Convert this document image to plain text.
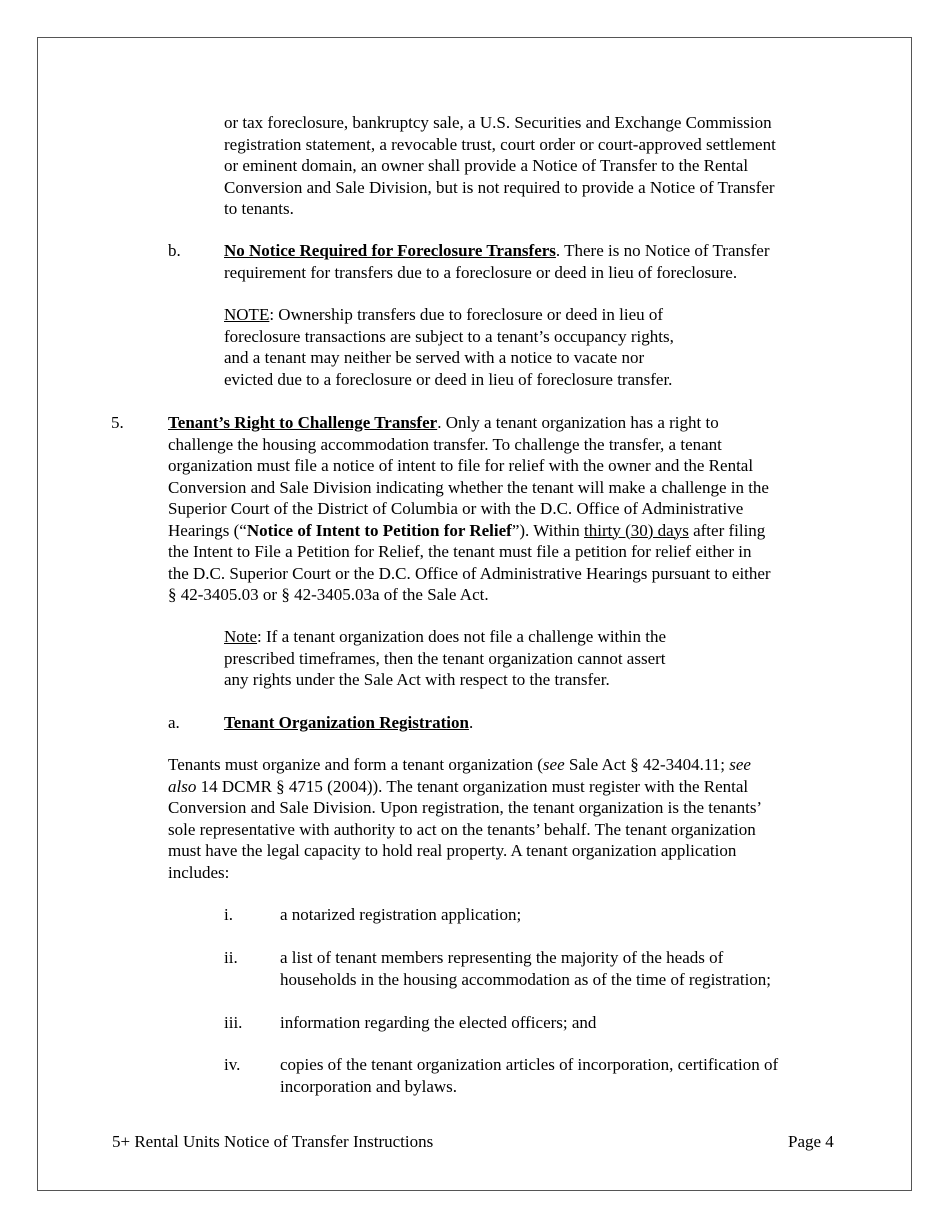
or tax foreclosure, bankruptcy sale, a U.S. Securities and Exchange Commission
registration statement, a revocable trust, court order or court-approved settlement
or eminent domain, an owner shall provide a Notice of Transfer to the Rental
Conversion and Sale Division, but is not required to provide a Notice of Transfer
to tenants.
b.	No Notice Required for Foreclosure Transfers. There is no Notice of Transfer
requirement for transfers due to a foreclosure or deed in lieu of foreclosure.
NOTE: Ownership transfers due to foreclosure or deed in lieu of
foreclosure transactions are subject to a tenant’s occupancy rights,
and a tenant may neither be served with a notice to vacate nor
evicted due to a foreclosure or deed in lieu of foreclosure transfer.
5.	Tenant’s Right to Challenge Transfer. Only a tenant organization has a right to
challenge the housing accommodation transfer. To challenge the transfer, a tenant
organization must file a notice of intent to file for relief with the owner and the Rental
Conversion and Sale Division indicating whether the tenant will make a challenge in the
Superior Court of the District of Columbia or with the D.C. Office of Administrative
Hearings (“Notice of Intent to Petition for Relief”). Within thirty (30) days after filing
the Intent to File a Petition for Relief, the tenant must file a petition for relief either in
the D.C. Superior Court or the D.C. Office of Administrative Hearings pursuant to either
§ 42-3405.03 or § 42-3405.03a of the Sale Act.
Note: If a tenant organization does not file a challenge within the
prescribed timeframes, then the tenant organization cannot assert
any rights under the Sale Act with respect to the transfer.
a.	Tenant Organization Registration.
Tenants must organize and form a tenant organization (see Sale Act § 42-3404.11; see
also 14 DCMR § 4715 (2004)). The tenant organization must register with the Rental
Conversion and Sale Division. Upon registration, the tenant organization is the tenants’
sole representative with authority to act on the tenants’ behalf. The tenant organization
must have the legal capacity to hold real property. A tenant organization application
includes:
i.	a notarized registration application;
ii. a list of tenant members representing the majority of the heads of
households in the housing accommodation as of the time of registration;
iii. information regarding the elected officers; and
iv. copies of the tenant organization articles of incorporation, certification of
incorporation and bylaws.
5+ Rental Units Notice of Transfer Instructions	Page 4
